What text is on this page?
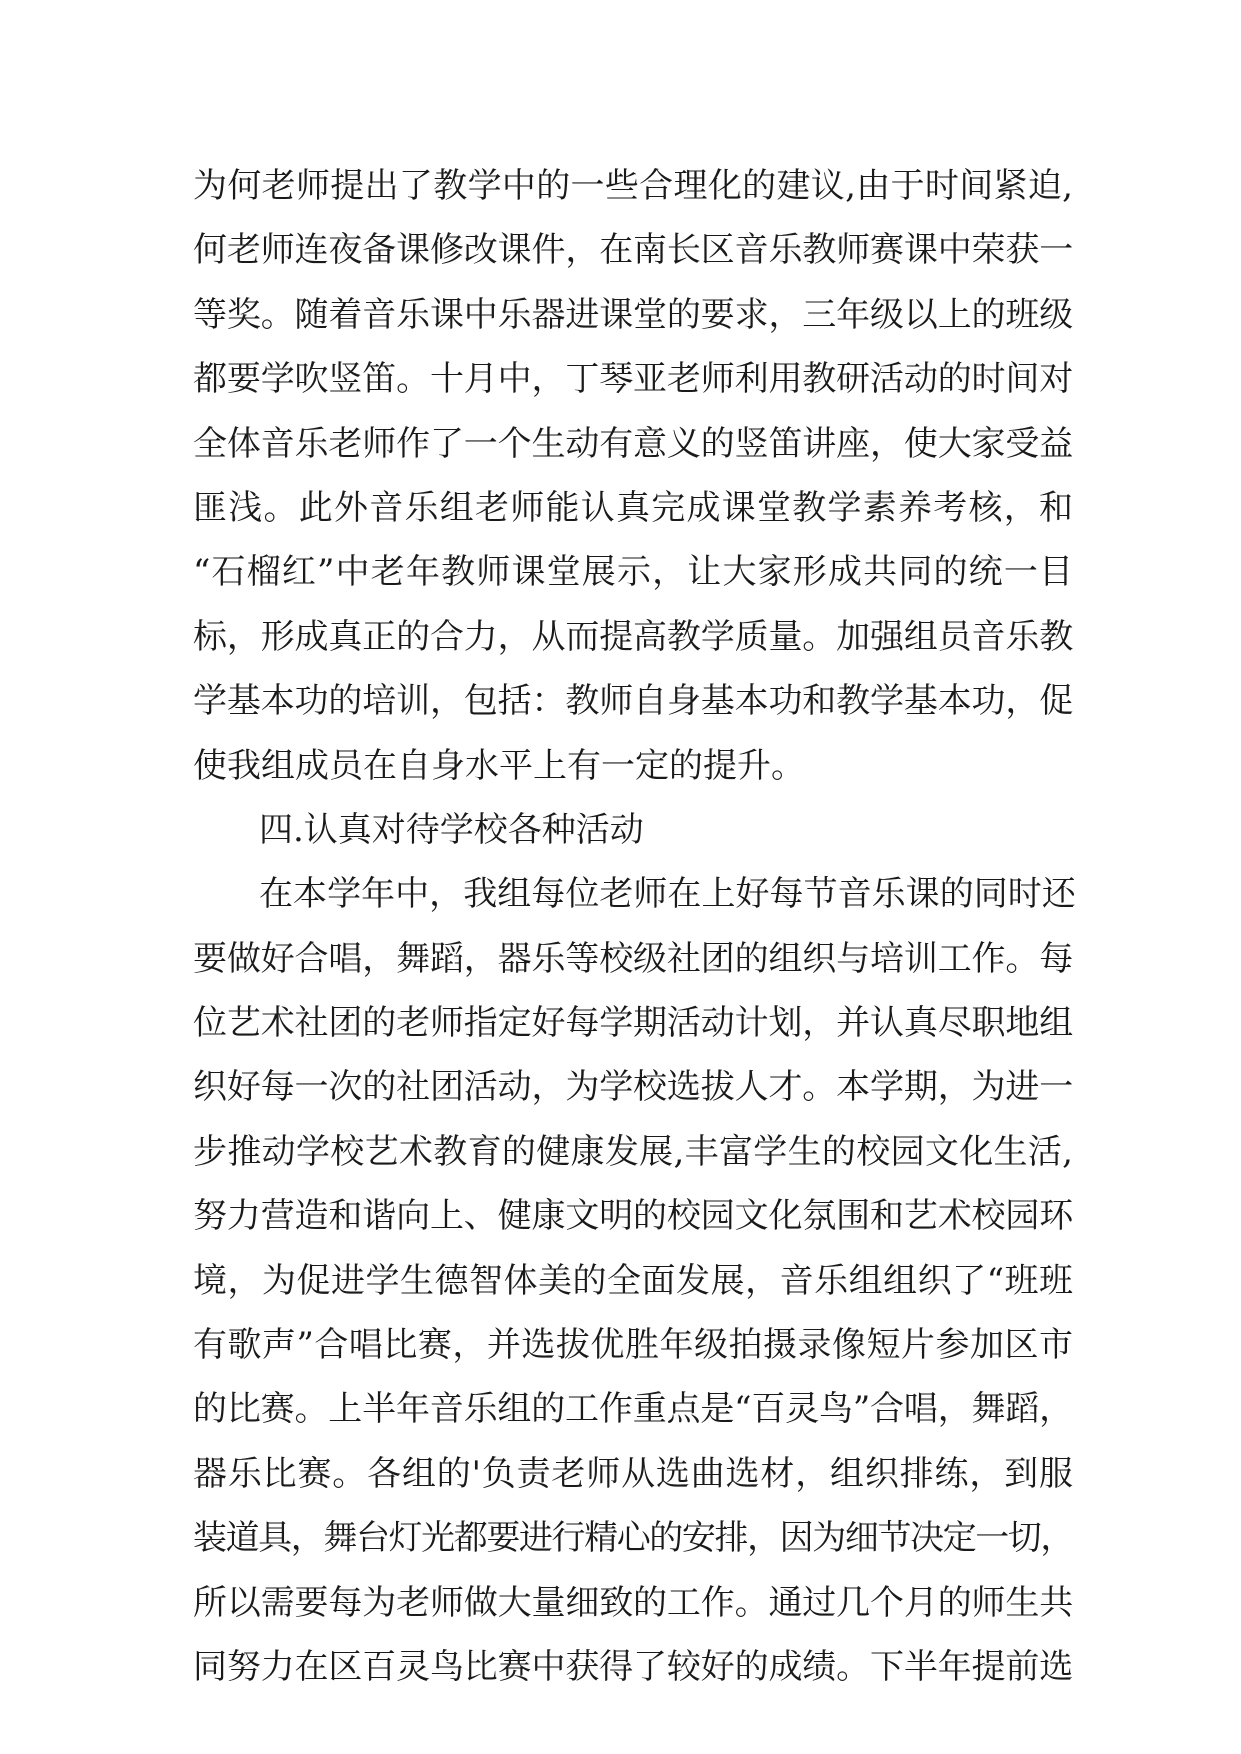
为何老师提出了教学中的一些合理化的建议,由于时间紧迫,
何老师连夜备课修改课件，在南长区音乐教师赛课中荣获一
等奖。随着音乐课中乐器进课堂的要求，三年级以上的班级
都要学吹竖笛。十月中，丁琴亚老师利用教研活动的时间对
全体音乐老师作了一个生动有意义的竖笛讲座，使大家受益
匪浅。此外音乐组老师能认真完成课堂教学素养考核，和
“石榴红”中老年教师课堂展示，让大家形成共同的统一目
标，形成真正的合力，从而提高教学质量。加强组员音乐教
学基本功的培训，包括：教师自身基本功和教学基本功，促
使我组成员在自身水平上有一定的提升。
四.认真对待学校各种活动
在本学年中，我组每位老师在上好每节音乐课的同时还
要做好合唱，舞蹈，器乐等校级社团的组织与培训工作。每
位艺术社团的老师指定好每学期活动计划，并认真尽职地组
织好每一次的社团活动，为学校选拔人才。本学期，为进一
步推动学校艺术教育的健康发展,丰富学生的校园文化生活,
努力营造和谐向上、健康文明的校园文化氛围和艺术校园环
境，为促进学生德智体美的全面发展，音乐组组织了“班班
有歌声”合唱比赛，并选拔优胜年级拍摄录像短片参加区市
的比赛。上半年音乐组的工作重点是“百灵鸟”合唱，舞蹈，
器乐比赛。各组的'负责老师从选曲选材，组织排练，到服
装道具，舞台灯光都要进行精心的安排，因为细节决定一切，
所以需要每为老师做大量细致的工作。通过几个月的师生共
同努力在区百灵鸟比赛中获得了较好的成绩。下半年提前选
